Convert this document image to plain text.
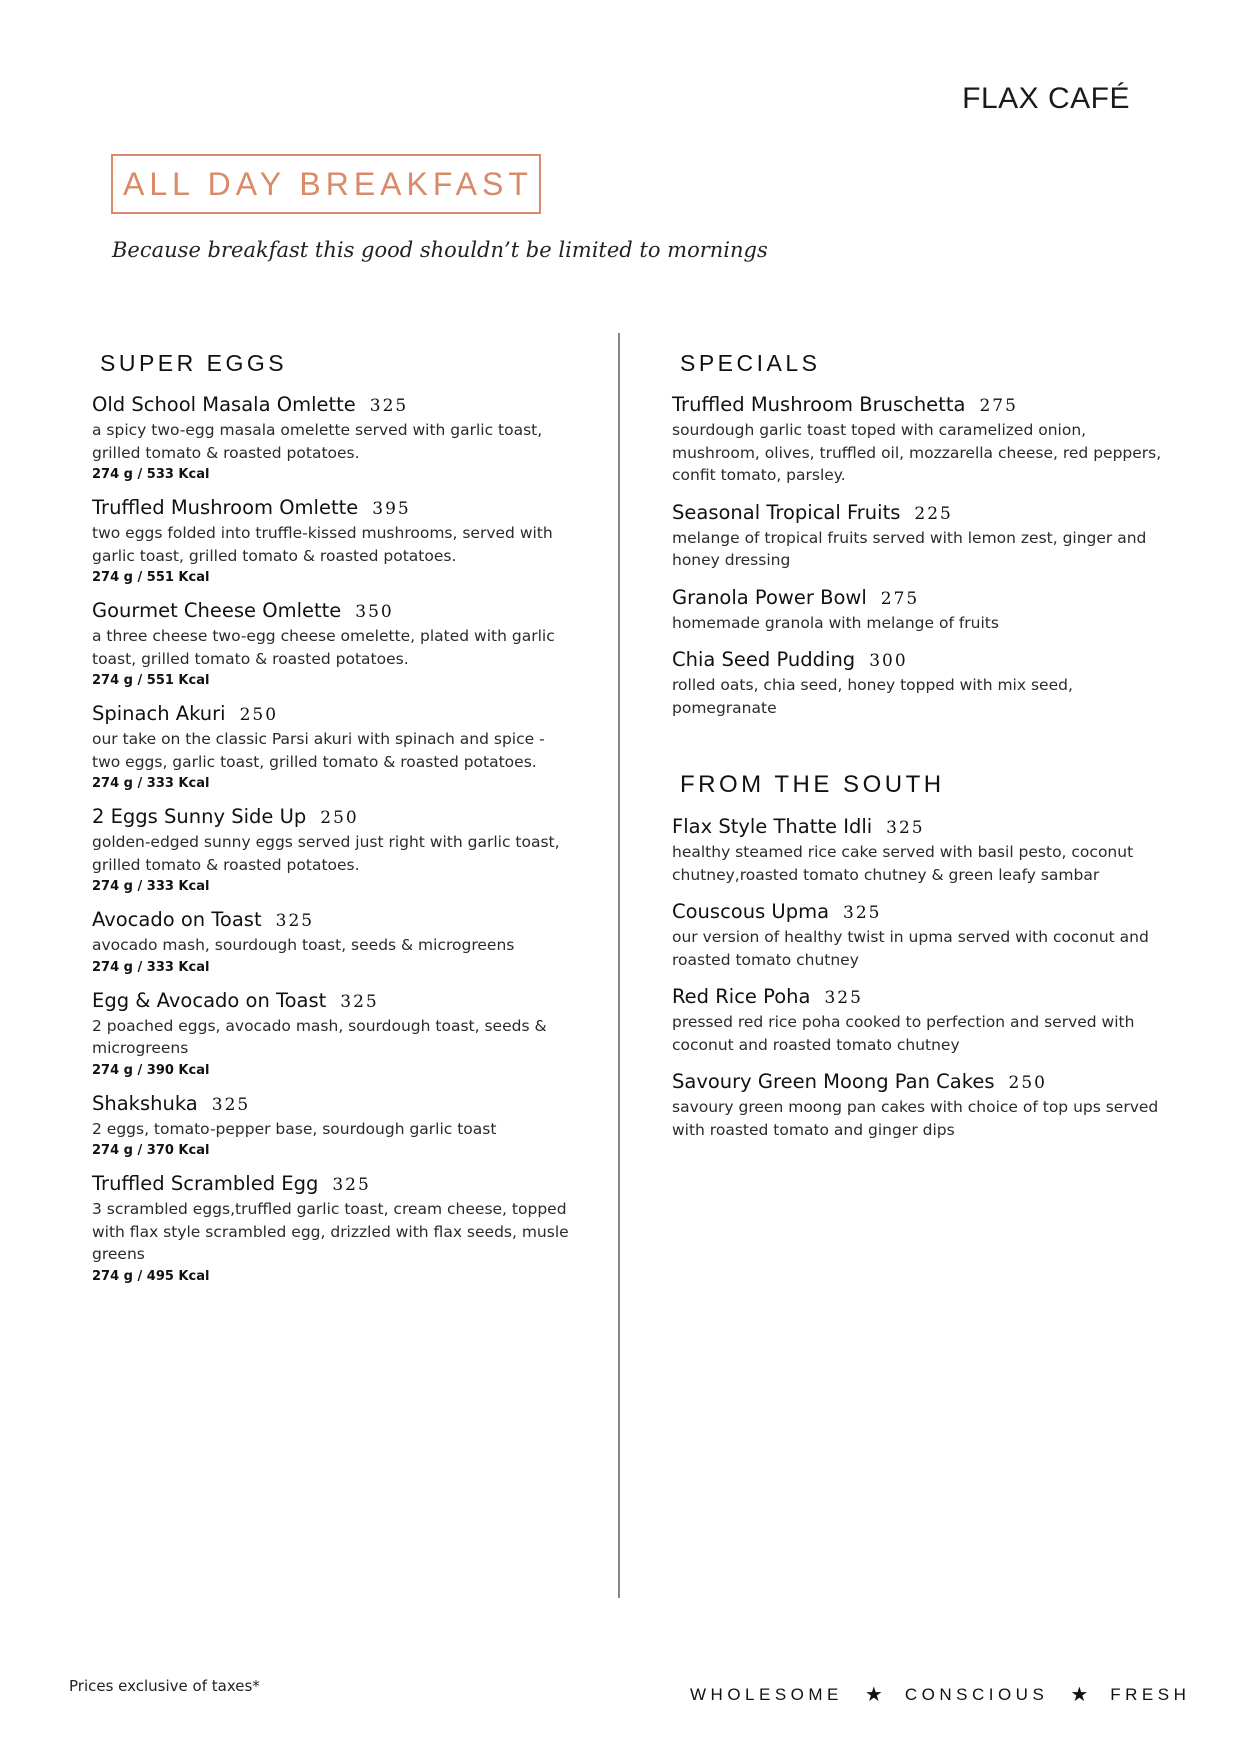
FLAX CAFÉ
ALL DAY BREAKFAST
Because breakfast this good shouldn’t be limited to mornings
SUPER EGGS
Old School Masala Omlette 325
a spicy two-egg masala omelette served with garlic toast, grilled tomato & roasted potatoes.
274 g / 533 Kcal
Truffled Mushroom Omlette 395
two eggs folded into truffle-kissed mushrooms, served with garlic toast, grilled tomato & roasted potatoes.
274 g / 551 Kcal
Gourmet Cheese Omlette 350
a three cheese two-egg cheese omelette, plated with garlic toast, grilled tomato & roasted potatoes.
274 g / 551 Kcal
Spinach Akuri 250
our take on the classic Parsi akuri with spinach and spice - two eggs, garlic toast, grilled tomato & roasted potatoes.
274 g / 333 Kcal
2 Eggs Sunny Side Up 250
golden-edged sunny eggs served just right with garlic toast, grilled tomato & roasted potatoes.
274 g / 333 Kcal
Avocado on Toast 325
avocado mash, sourdough toast, seeds & microgreens
274 g / 333 Kcal
Egg & Avocado on Toast 325
2 poached eggs, avocado mash, sourdough toast, seeds & microgreens
274 g / 390 Kcal
Shakshuka 325
2 eggs, tomato-pepper base, sourdough garlic toast
274 g / 370 Kcal
Truffled Scrambled Egg 325
3 scrambled eggs,truffled garlic toast, cream cheese, topped with flax style scrambled egg, drizzled with flax seeds, musle greens
274 g / 495 Kcal
SPECIALS
Truffled Mushroom Bruschetta 275
sourdough garlic toast toped with caramelized onion, mushroom, olives, truffled oil, mozzarella cheese, red peppers, confit tomato, parsley.
Seasonal Tropical Fruits 225
melange of tropical fruits served with lemon zest, ginger and honey dressing
Granola Power Bowl 275
homemade granola with melange of fruits
Chia Seed Pudding 300
rolled oats, chia seed, honey topped with mix seed, pomegranate
FROM THE SOUTH
Flax Style Thatte Idli 325
healthy steamed rice cake served with basil pesto, coconut chutney,roasted tomato chutney & green leafy sambar
Couscous Upma 325
our version of healthy twist in upma served with coconut and roasted tomato chutney
Red Rice Poha 325
pressed red rice poha cooked to perfection and served with coconut and roasted tomato chutney
Savoury Green Moong Pan Cakes 250
savoury green moong pan cakes with choice of top ups served with roasted tomato and ginger dips
Prices exclusive of taxes*	WHOLESOME ★ CONSCIOUS ★ FRESH
